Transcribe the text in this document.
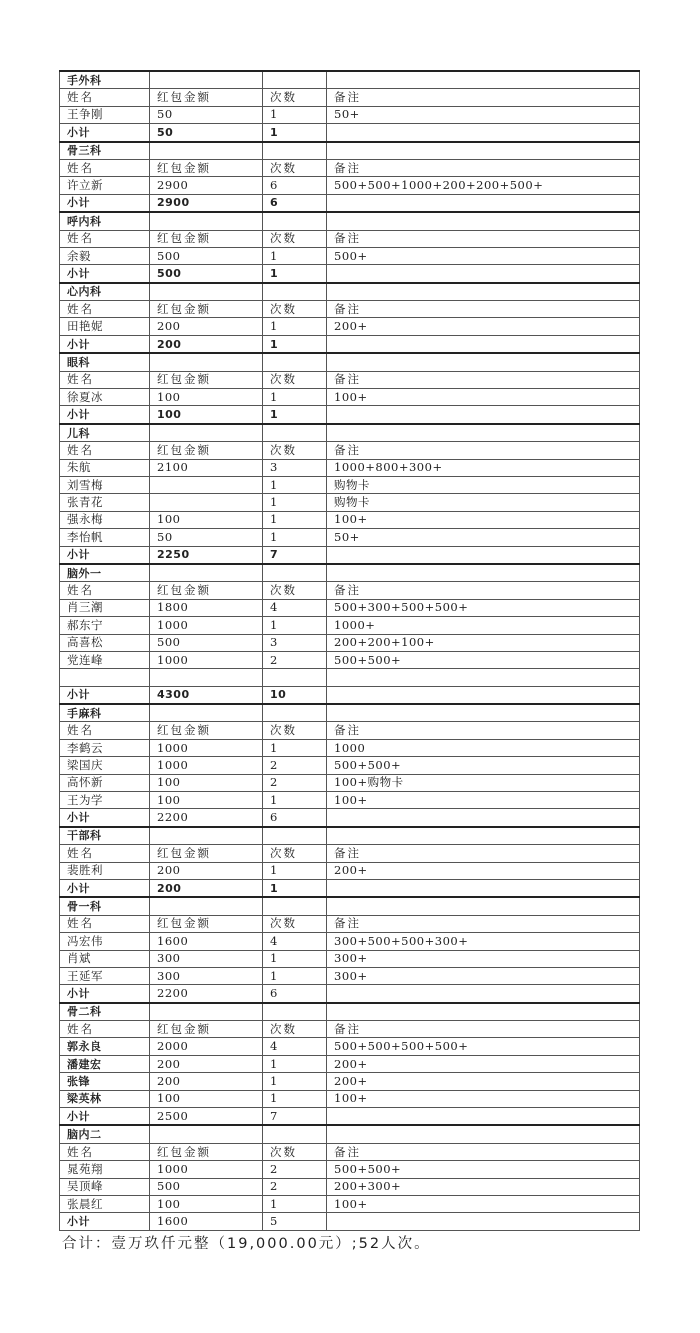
手外科			
姓名	红包金额	次数	备注
王争刚	50	1	50+
小计	50	1	
骨三科			
姓名	红包金额	次数	备注
许立新	2900	6	500+500+1000+200+200+500+
小计	2900	6	
呼内科			
姓名	红包金额	次数	备注
余毅	500	1	500+
小计	500	1	
心内科			
姓名	红包金额	次数	备注
田艳妮	200	1	200+
小计	200	1	
眼科			
姓名	红包金额	次数	备注
徐夏冰	100	1	100+
小计	100	1	
儿科			
姓名	红包金额	次数	备注
朱航	2100	3	1000+800+300+
刘雪梅		1	购物卡
张青花		1	购物卡
强永梅	100	1	100+
李怡帆	50	1	50+
小计	2250	7	
脑外一			
姓名	红包金额	次数	备注
肖三潮	1800	4	500+300+500+500+
郝东宁	1000	1	1000+
高喜松	500	3	200+200+100+
党连峰	1000	2	500+500+

小计	4300	10	
手麻科			
姓名	红包金额	次数	备注
李鹤云	1000	1	1000
梁国庆	1000	2	500+500+
高怀新	100	2	100+购物卡
王为学	100	1	100+
小计	2200	6	
干部科			
姓名	红包金额	次数	备注
裴胜利	200	1	200+
小计	200	1	
骨一科			
姓名	红包金额	次数	备注
冯宏伟	1600	4	300+500+500+300+
肖斌	300	1	300+
王延军	300	1	300+
小计	2200	6	
骨二科			
姓名	红包金额	次数	备注
郭永良	2000	4	500+500+500+500+
潘建宏	200	1	200+
张锋	200	1	200+
梁英林	100	1	100+
小计	2500	7	
脑内二			
姓名	红包金额	次数	备注
晁苑翔	1000	2	500+500+
吴顶峰	500	2	200+300+
张晨红	100	1	100+
小计	1600	5	
合计：壹万玖仟元整（19,000.00元）;52人次。
